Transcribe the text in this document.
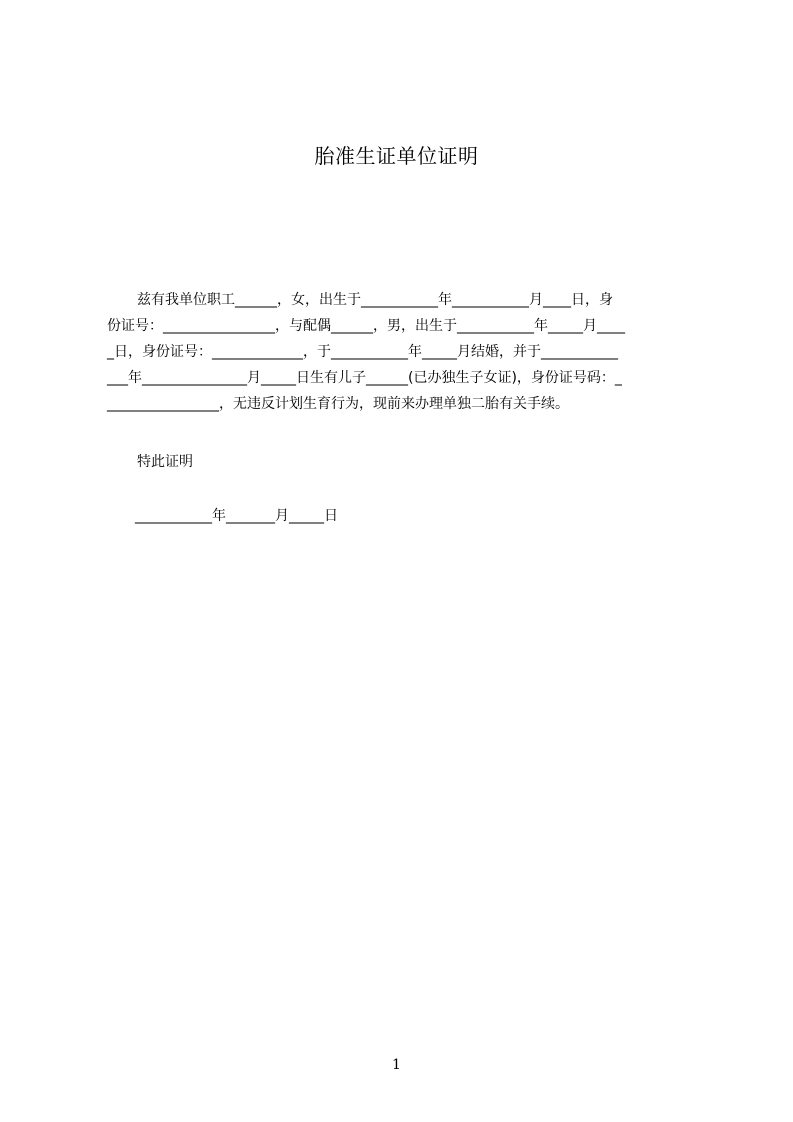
胎准生证单位证明
兹有我单位职工______，女，出生于___________年___________月____日，身
份证号：________________，与配偶______，男，出生于___________年_____月____
_日，身份证号：_____________，于___________年_____月结婚，并于___________
___年_______________月_____日生有儿子______(已办独生子女证)，身份证号码：_
________________，无违反计划生育行为，现前来办理单独二胎有关手续。
特此证明
___________年_______月_____日
1
